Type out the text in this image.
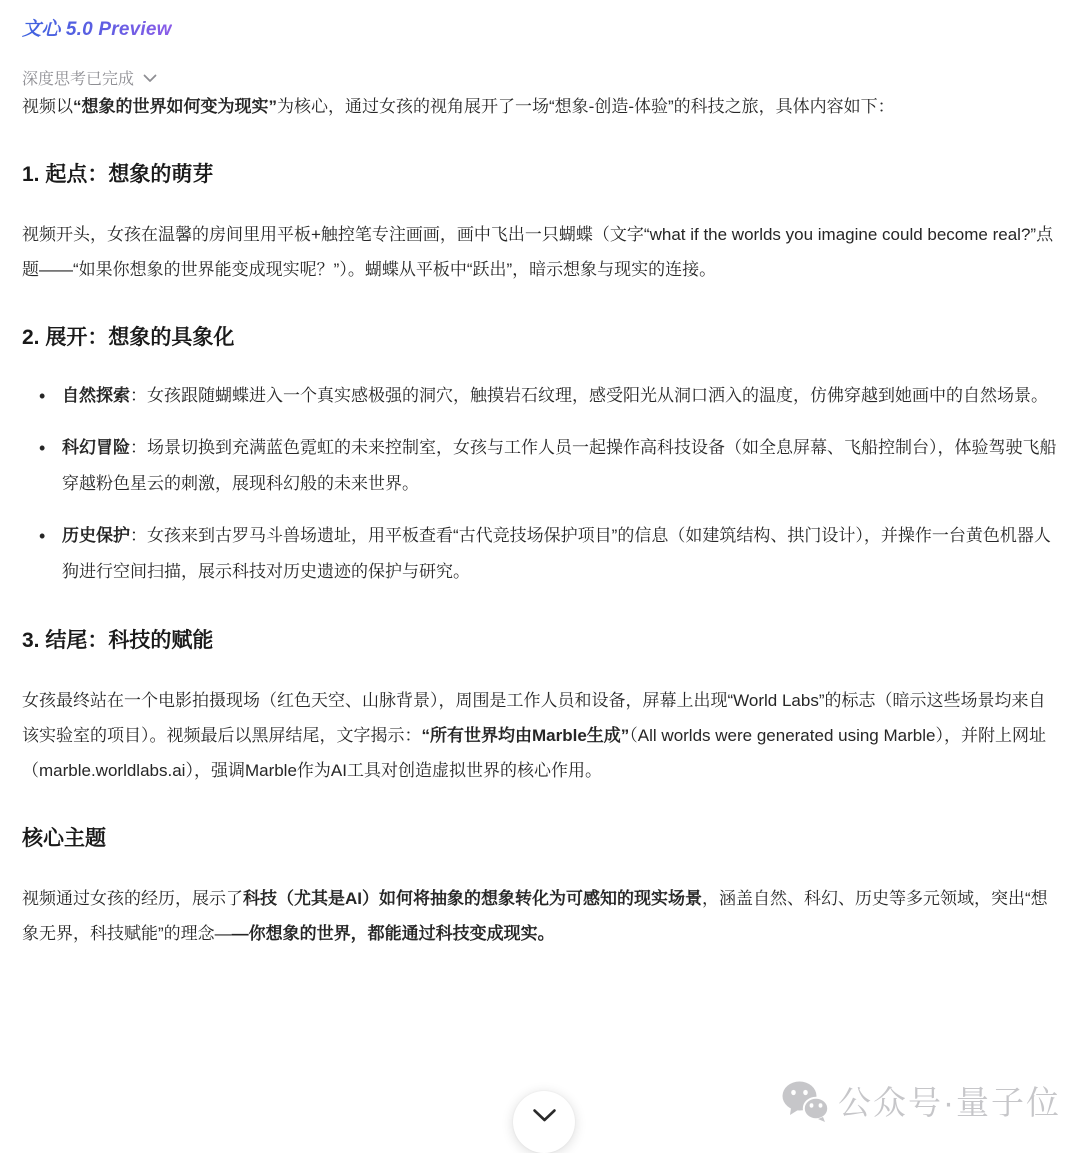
公众号·量子位
文心 5.0 Preview
深度思考已完成

视频以“想象的世界如何变为现实”为核心，通过女孩的视角展开了一场“想象-创造-体验”的科技之旅，具体内容如下：

1. 起点：想象的萌芽

视频开头，女孩在温馨的房间里用平板+触控笔专注画画，画中飞出一只蝴蝶（文字“what if the worlds you imagine could become real?”点题——“如果你想象的世界能变成现实呢？”）。蝴蝶从平板中“跃出”，暗示想象与现实的连接。

2. 展开：想象的具象化
• 自然探索：女孩跟随蝴蝶进入一个真实感极强的洞穴，触摸岩石纹理，感受阳光从洞口洒入的温度，仿佛穿越到她画中的自然场景。
• 科幻冒险：场景切换到充满蓝色霓虹的未来控制室，女孩与工作人员一起操作高科技设备（如全息屏幕、飞船控制台），体验驾驶飞船穿越粉色星云的刺激，展现科幻般的未来世界。
• 历史保护：女孩来到古罗马斗兽场遗址，用平板查看“古代竞技场保护项目”的信息（如建筑结构、拱门设计），并操作一台黄色机器人狗进行空间扫描，展示科技对历史遗迹的保护与研究。
3. 结尾：科技的赋能

女孩最终站在一个电影拍摄现场（红色天空、山脉背景），周围是工作人员和设备，屏幕上出现“World Labs”的标志（暗示这些场景均来自该实验室的项目）。视频最后以黑屏结尾，文字揭示：“所有世界均由Marble生成”（All worlds were generated using Marble），并附上网址（marble.worldlabs.ai），强调Marble作为AI工具对创造虚拟世界的核心作用。

核心主题

视频通过女孩的经历，展示了科技（尤其是AI）如何将抽象的想象转化为可感知的现实场景，涵盖自然、科幻、历史等多元领域，突出“想象无界，科技赋能”的理念——你想象的世界，都能通过科技变成现实。
